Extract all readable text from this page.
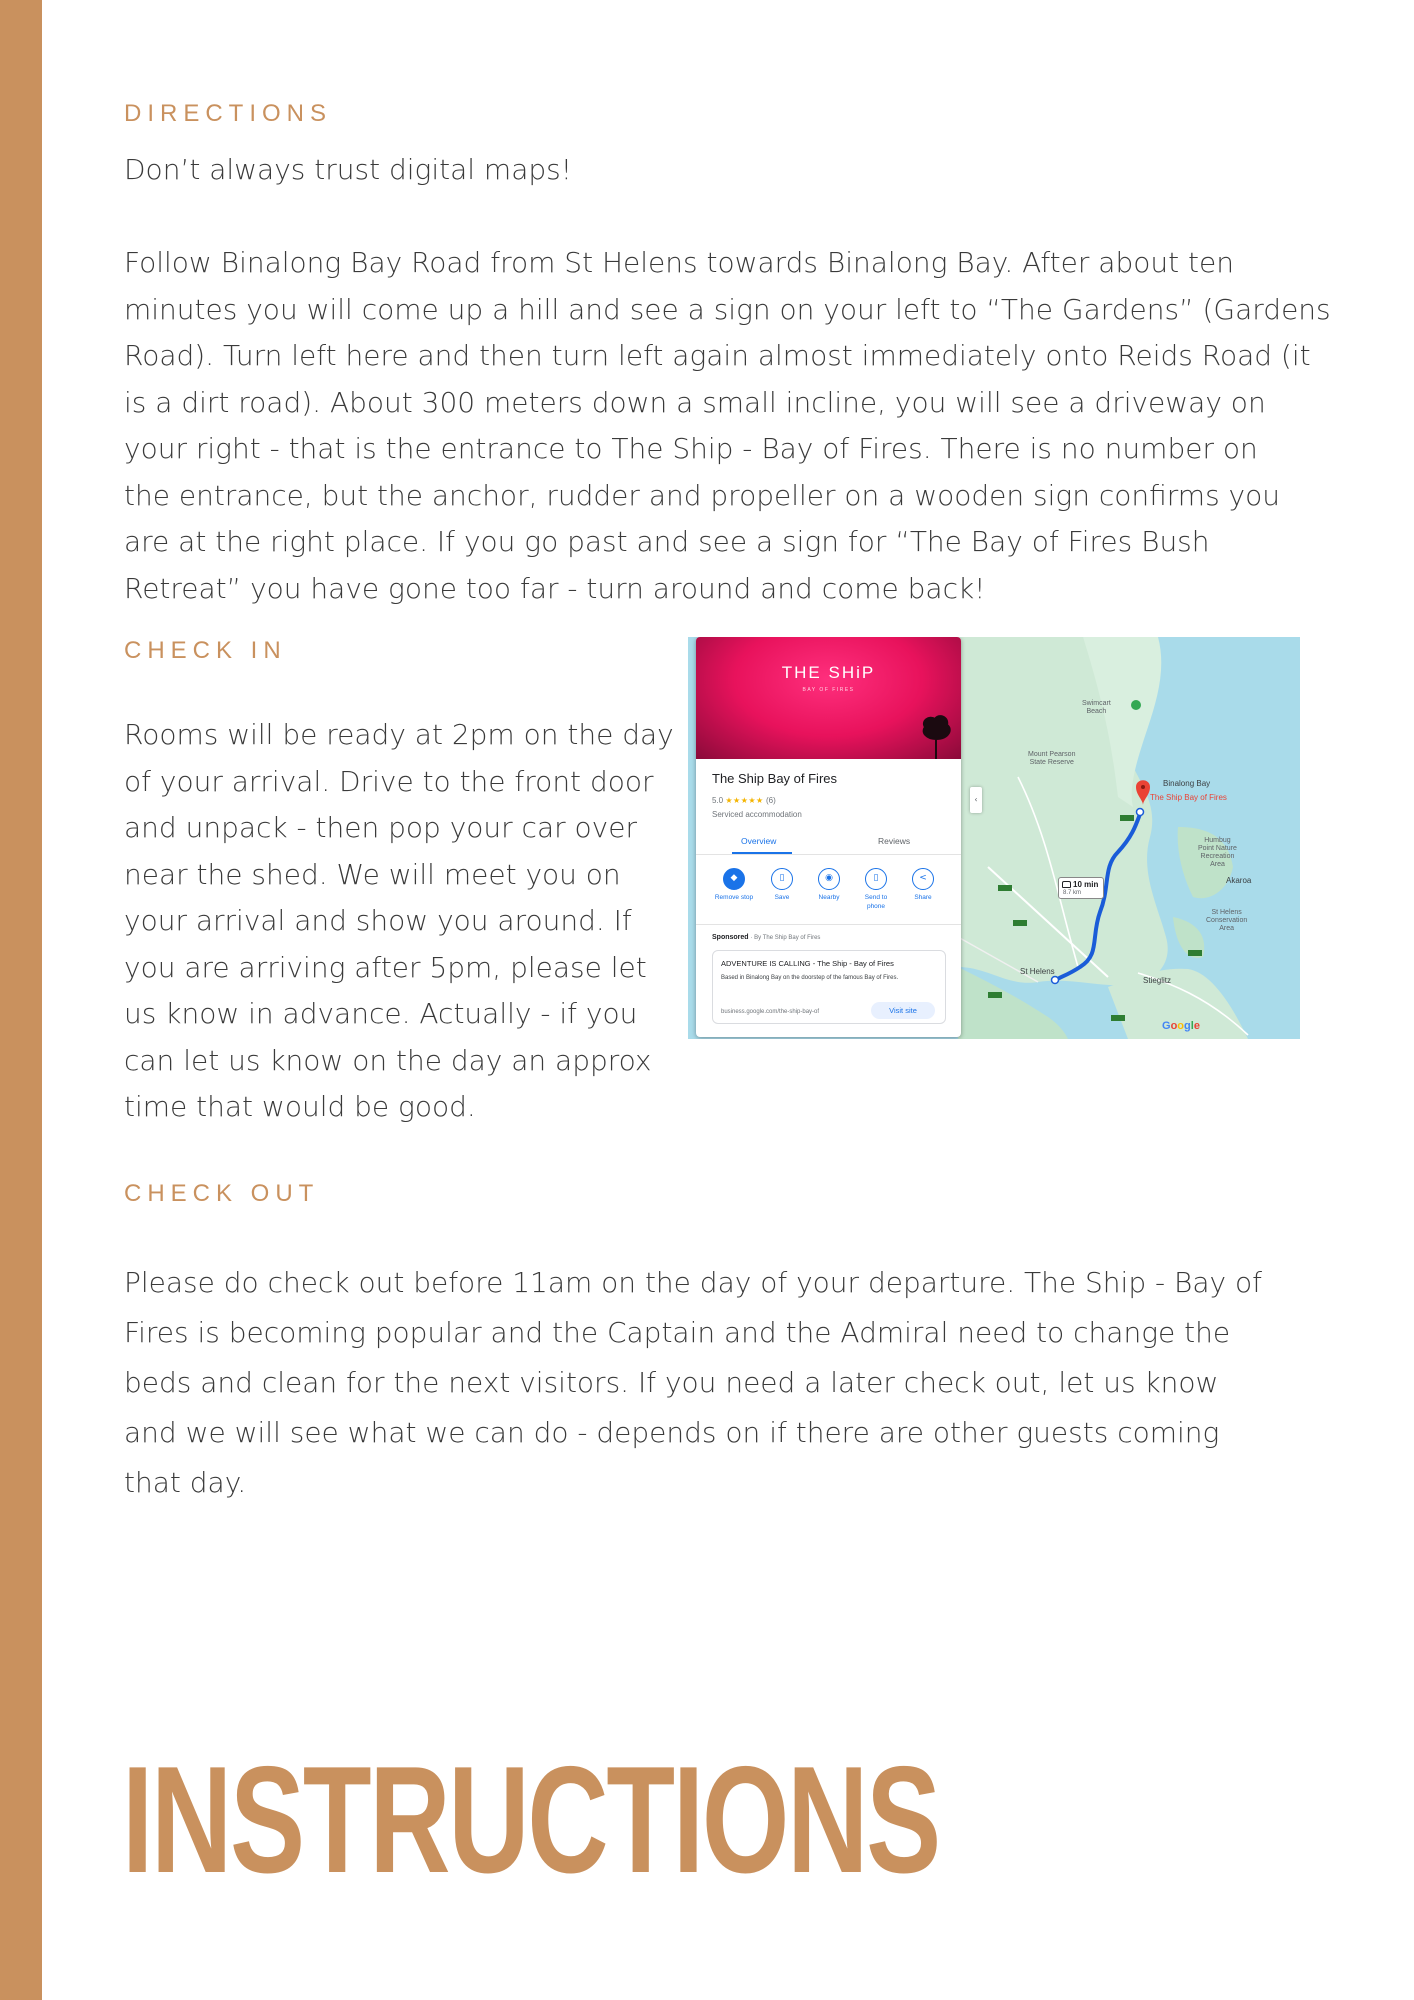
DIRECTIONS

Don’t always trust digital maps!

Follow Binalong Bay Road from St Helens towards Binalong Bay. After about ten
minutes you will come up a hill and see a sign on your left to “The Gardens” (Gardens
Road). Turn left here and then turn left again almost immediately onto Reids Road (it
is a dirt road). About 300 meters down a small incline, you will see a driveway on
your right - that is the entrance to The Ship - Bay of Fires. There is no number on
the entrance, but the anchor, rudder and propeller on a wooden sign confirms you
are at the right place. If you go past and see a sign for “The Bay of Fires Bush
Retreat” you have gone too far - turn around and come back!

CHECK IN

Rooms will be ready at 2pm on the day
of your arrival. Drive to the front door
and unpack - then pop your car over
near the shed. We will meet you on
your arrival and show you around. If
you are arriving after 5pm, please let
us know in advance. Actually - if you
can let us know on the day an approx
time that would be good.

Swimcart
Beach
Mount Pearson
State Reserve
Binalong Bay
The Ship Bay of Fires
Humbug
Point Nature
Recreation
Area
Akaroa
St Helens
Conservation
Area
St Helens
Stieglitz
10 min
8.7 km
Google
‹
THE SHiP
BAY OF FIRES
The Ship Bay of Fires
5.0 ★★★★★ (6)
Serviced accommodation
Overview	Reviews
◆
Remove stop
▯
Save
◉
Nearby
▯
Send to phone
<
Share
Sponsored · By The Ship Bay of Fires
ADVENTURE IS CALLING - The Ship - Bay of Fires
Based in Binalong Bay on the doorstep of the famous Bay of Fires.
business.google.com/the-ship-bay-of	Visit site
CHECK OUT

Please do check out before 11am on the day of your departure. The Ship - Bay of
Fires is becoming popular and the Captain and the Admiral need to change the
beds and clean for the next visitors. If you need a later check out, let us know
and we will see what we can do - depends on if there are other guests coming
that day.

INSTRUCTIONS
